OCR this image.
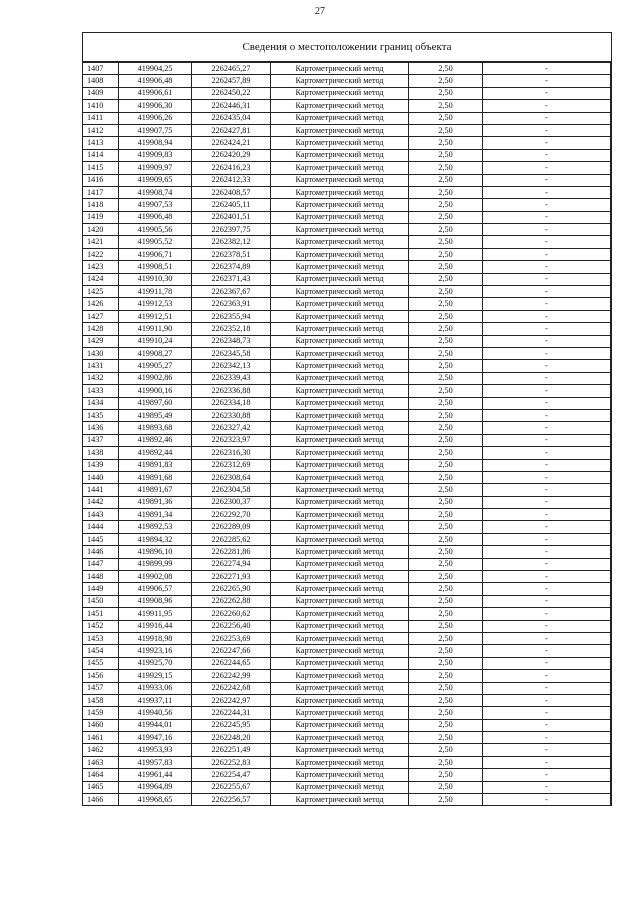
27
Сведения о местоположении границ объекта
1407	419904,25	2262465,27	Картометрический метод	2,50	-
1408	419906,48	2262457,89	Картометрический метод	2,50	-
1409	419906,61	2262450,22	Картометрический метод	2,50	-
1410	419906,30	2262446,31	Картометрический метод	2,50	-
1411	419906,26	2262435,04	Картометрический метод	2,50	-
1412	419907,75	2262427,81	Картометрический метод	2,50	-
1413	419908,94	2262424,21	Картометрический метод	2,50	-
1414	419909,83	2262420,29	Картометрический метод	2,50	-
1415	419909,97	2262416,23	Картометрический метод	2,50	-
1416	419909,65	2262412,33	Картометрический метод	2,50	-
1417	419908,74	2262408,57	Картометрический метод	2,50	-
1418	419907,53	2262405,11	Картометрический метод	2,50	-
1419	419906,48	2262401,51	Картометрический метод	2,50	-
1420	419905,56	2262397,75	Картометрический метод	2,50	-
1421	419905,52	2262382,12	Картометрический метод	2,50	-
1422	419906,71	2262378,51	Картометрический метод	2,50	-
1423	419908,51	2262374,89	Картометрический метод	2,50	-
1424	419910,30	2262371,43	Картометрический метод	2,50	-
1425	419911,78	2262367,67	Картометрический метод	2,50	-
1426	419912,53	2262363,91	Картометрический метод	2,50	-
1427	419912,51	2262355,94	Картометрический метод	2,50	-
1428	419911,90	2262352,18	Картометрический метод	2,50	-
1429	419910,24	2262348,73	Картометрический метод	2,50	-
1430	419908,27	2262345,58	Картометрический метод	2,50	-
1431	419905,27	2262342,13	Картометрический метод	2,50	-
1432	419902,86	2262339,43	Картометрический метод	2,50	-
1433	419900,16	2262336,88	Картометрический метод	2,50	-
1434	419897,60	2262334,18	Картометрический метод	2,50	-
1435	419895,49	2262330,88	Картометрический метод	2,50	-
1436	419893,68	2262327,42	Картометрический метод	2,50	-
1437	419892,46	2262323,97	Картометрический метод	2,50	-
1438	419892,44	2262316,30	Картометрический метод	2,50	-
1439	419891,83	2262312,69	Картометрический метод	2,50	-
1440	419891,68	2262308,64	Картометрический метод	2,50	-
1441	419891,67	2262304,58	Картометрический метод	2,50	-
1442	419891,36	2262300,37	Картометрический метод	2,50	-
1443	419891,34	2262292,70	Картометрический метод	2,50	-
1444	419892,53	2262289,09	Картометрический метод	2,50	-
1445	419894,32	2262285,62	Картометрический метод	2,50	-
1446	419896,10	2262281,86	Картометрический метод	2,50	-
1447	419899,99	2262274,94	Картометрический метод	2,50	-
1448	419902,08	2262271,93	Картометрический метод	2,50	-
1449	419906,57	2262265,90	Картометрический метод	2,50	-
1450	419908,96	2262262,88	Картометрический метод	2,50	-
1451	419911,95	2262260,62	Картометрический метод	2,50	-
1452	419916,44	2262256,40	Картометрический метод	2,50	-
1453	419918,98	2262253,69	Картометрический метод	2,50	-
1454	419923,16	2262247,66	Картометрический метод	2,50	-
1455	419925,70	2262244,65	Картометрический метод	2,50	-
1456	419929,15	2262242,99	Картометрический метод	2,50	-
1457	419933,06	2262242,68	Картометрический метод	2,50	-
1458	419937,11	2262242,97	Картометрический метод	2,50	-
1459	419940,56	2262244,31	Картометрический метод	2,50	-
1460	419944,01	2262245,95	Картометрический метод	2,50	-
1461	419947,16	2262248,20	Картометрический метод	2,50	-
1462	419953,93	2262251,49	Картометрический метод	2,50	-
1463	419957,83	2262252,83	Картометрический метод	2,50	-
1464	419961,44	2262254,47	Картометрический метод	2,50	-
1465	419964,89	2262255,67	Картометрический метод	2,50	-
1466	419968,65	2262256,57	Картометрический метод	2,50	-
